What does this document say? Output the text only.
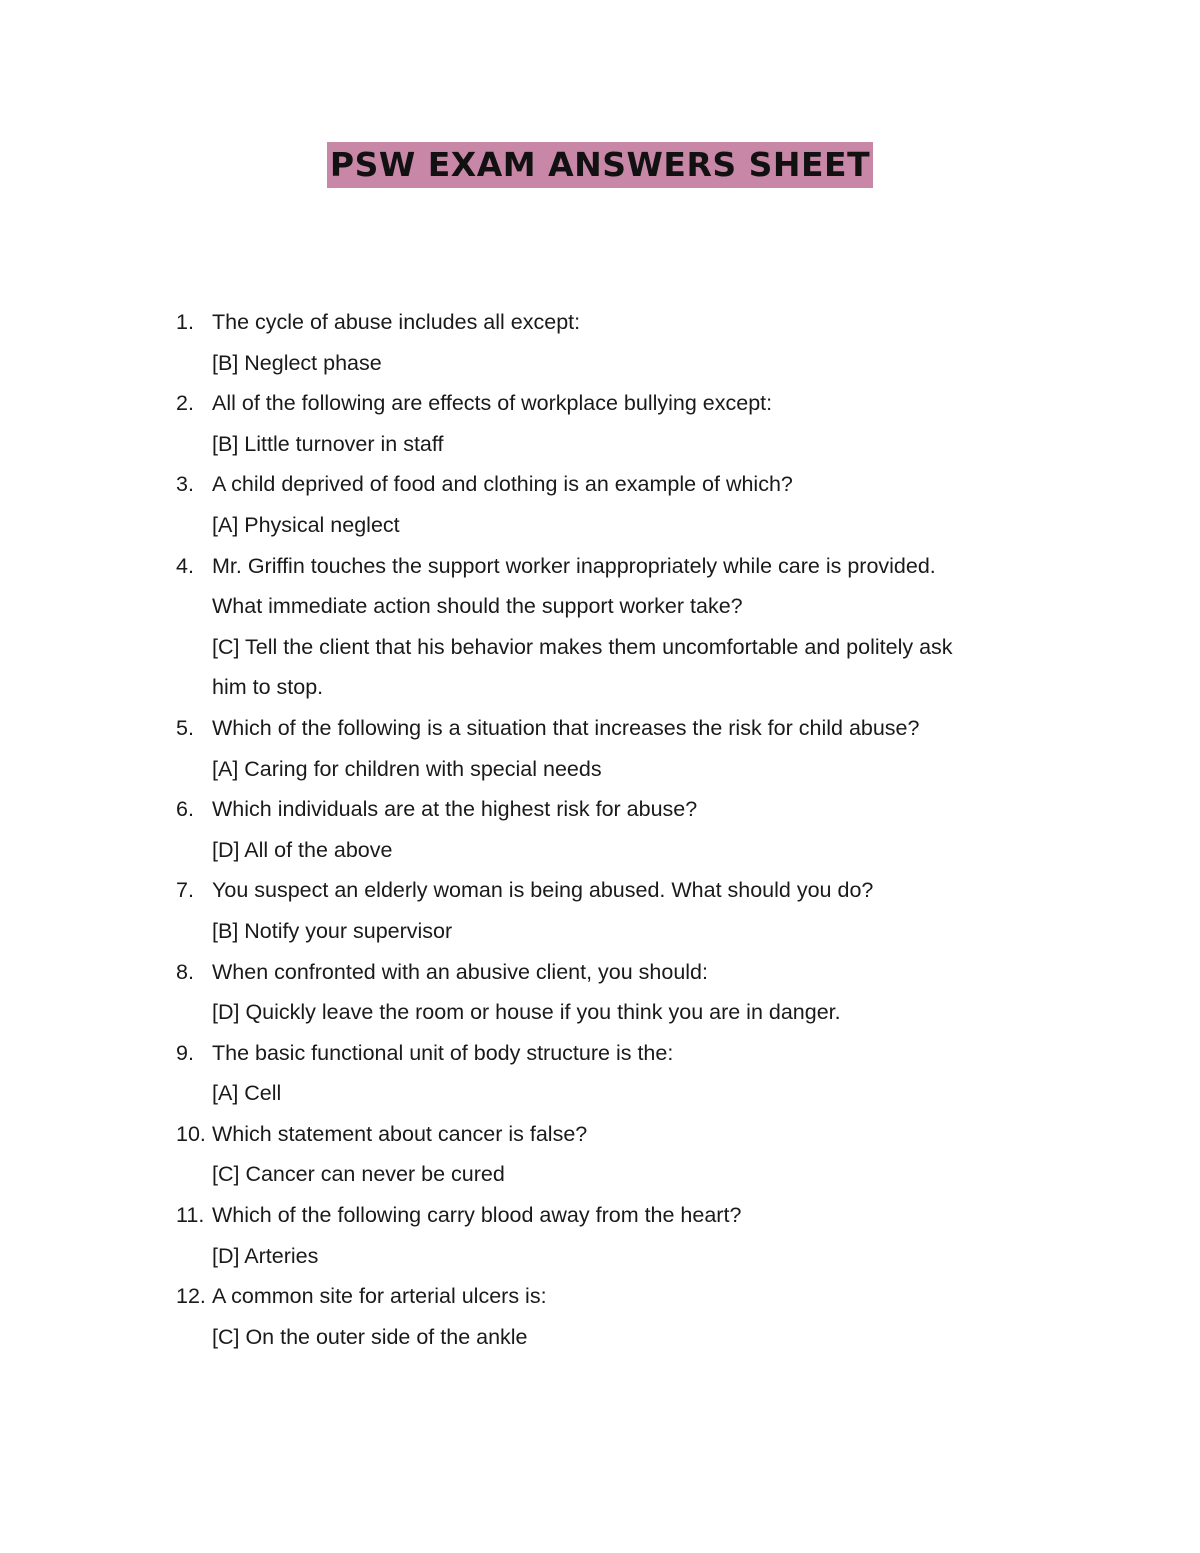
PSW EXAM ANSWERS SHEET
1. The cycle of abuse includes all except:
[B] Neglect phase
2. All of the following are effects of workplace bullying except:
[B] Little turnover in staff
3. A child deprived of food and clothing is an example of which?
[A] Physical neglect
4. Mr. Griffin touches the support worker inappropriately while care is provided.
What immediate action should the support worker take?
[C] Tell the client that his behavior makes them uncomfortable and politely ask
him to stop.
5. Which of the following is a situation that increases the risk for child abuse?
[A] Caring for children with special needs
6. Which individuals are at the highest risk for abuse?
[D] All of the above
7. You suspect an elderly woman is being abused. What should you do?
[B] Notify your supervisor
8. When confronted with an abusive client, you should:
[D] Quickly leave the room or house if you think you are in danger.
9. The basic functional unit of body structure is the:
[A] Cell
10. Which statement about cancer is false?
[C] Cancer can never be cured
11. Which of the following carry blood away from the heart?
[D] Arteries
12. A common site for arterial ulcers is:
[C] On the outer side of the ankle
